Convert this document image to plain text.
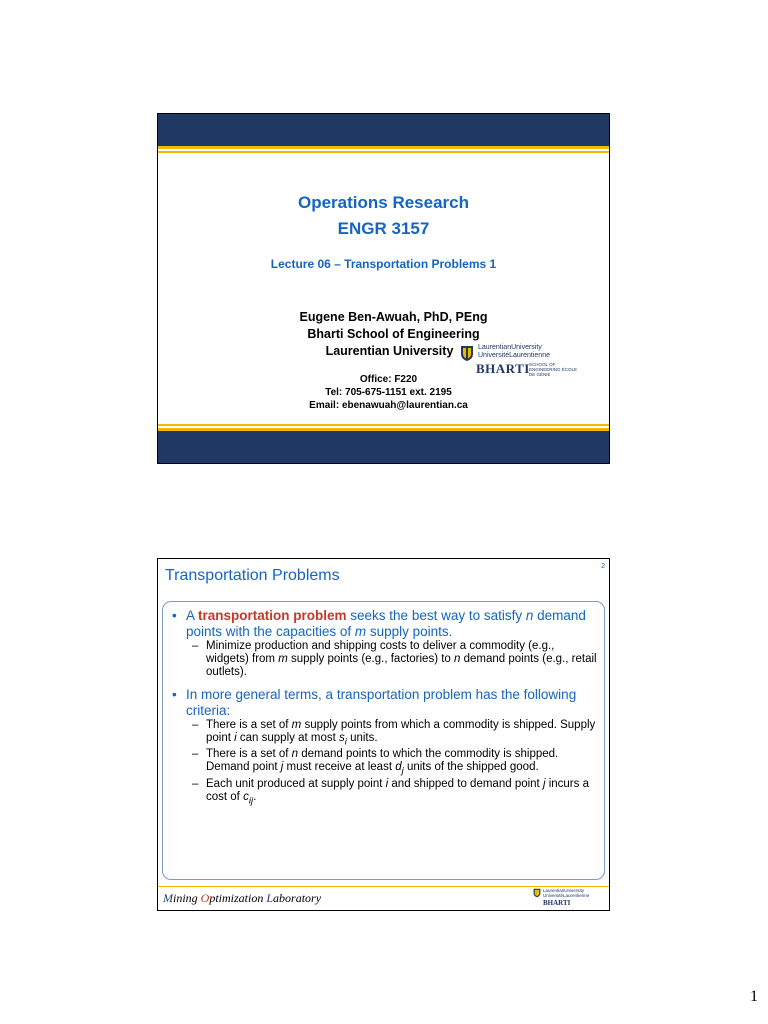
Operations Research
ENGR 3157
Lecture 06 – Transportation Problems 1
Eugene Ben-Awuah, PhD, PEng
Bharti School of Engineering
Laurentian University	LaurentianUniversity
UniversitéLaurentienne
BHARTI SCHOOL OF ENGINEERING ÉCOLE DE GÉNIE
Office: F220
Tel: 705-675-1151 ext. 2195
Email: ebenawuah@laurentian.ca
Transportation Problems
2
• A transportation problem seeks the best way to satisfy n demand points with the capacities of m supply points.
– Minimize production and shipping costs to deliver a commodity (e.g., widgets) from m supply points (e.g., factories) to n demand points (e.g., retail outlets).
• In more general terms, a transportation problem has the following criteria:
– There is a set of m supply points from which a commodity is shipped. Supply point i can supply at most $s_i$ units.
– There is a set of n demand points to which the commodity is shipped. Demand point j must receive at least $d_j$ units of the shipped good.
– Each unit produced at supply point i and shipped to demand point j incurs a cost of $c_{ij}$.
Mining Optimization Laboratory
LaurentianUniversity
UniversitéLaurentienne
BHARTI
1
